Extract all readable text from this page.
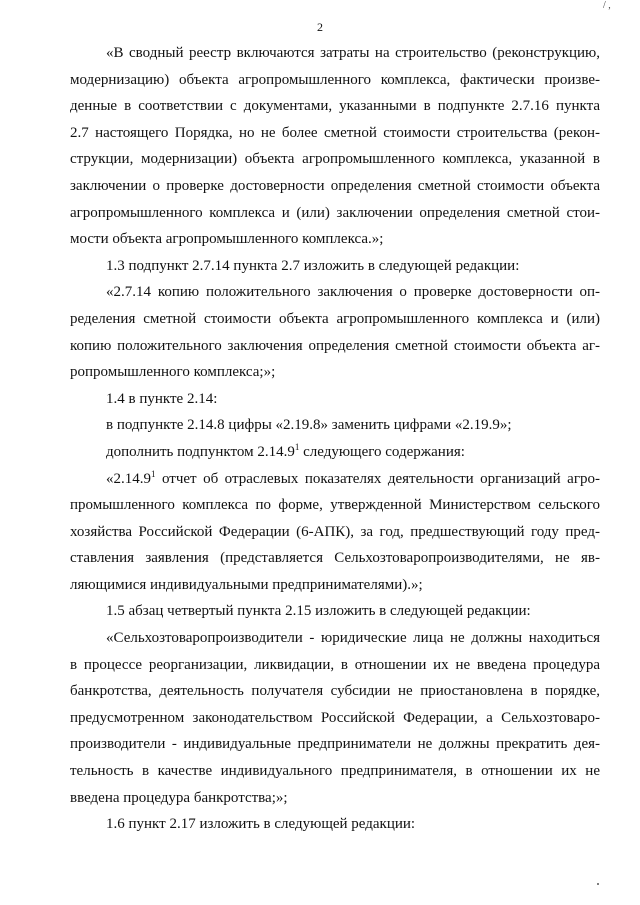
/ ,
2
«В сводный реестр включаются затраты на строительство (реконструкцию,
модернизацию) объекта агропромышленного комплекса, фактически произве-
денные в соответствии с документами, указанными в подпункте 2.7.16 пункта
2.7 настоящего Порядка, но не более сметной стоимости строительства (рекон-
струкции, модернизации) объекта агропромышленного комплекса, указанной в
заключении о проверке достоверности определения сметной стоимости объекта
агропромышленного комплекса и (или) заключении определения сметной стои-
мости объекта агропромышленного комплекса.»;
1.3 подпункт 2.7.14 пункта 2.7 изложить в следующей редакции:
«2.7.14 копию положительного заключения о проверке достоверности оп-
ределения сметной стоимости объекта агропромышленного комплекса и (или)
копию положительного заключения определения сметной стоимости объекта аг-
ропромышленного комплекса;»;
1.4 в пункте 2.14:
в подпункте 2.14.8 цифры «2.19.8» заменить цифрами «2.19.9»;
дополнить подпунктом 2.14.9$^1$ следующего содержания:
«2.14.9$^1$ отчет об отраслевых показателях деятельности организаций агро-
промышленного комплекса по форме, утвержденной Министерством сельского
хозяйства Российской Федерации (6-АПК), за год, предшествующий году пред-
ставления заявления (представляется Сельхозтоваропроизводителями, не яв-
ляющимися индивидуальными предпринимателями).»;
1.5 абзац четвертый пункта 2.15 изложить в следующей редакции:
«Сельхозтоваропроизводители - юридические лица не должны находиться
в процессе реорганизации, ликвидации, в отношении их не введена процедура
банкротства, деятельность получателя субсидии не приостановлена в порядке,
предусмотренном законодательством Российской Федерации, а Сельхозтоваро-
производители - индивидуальные предприниматели не должны прекратить дея-
тельность в качестве индивидуального предпринимателя, в отношении их не
введена процедура банкротства;»;
1.6 пункт 2.17 изложить в следующей редакции:
